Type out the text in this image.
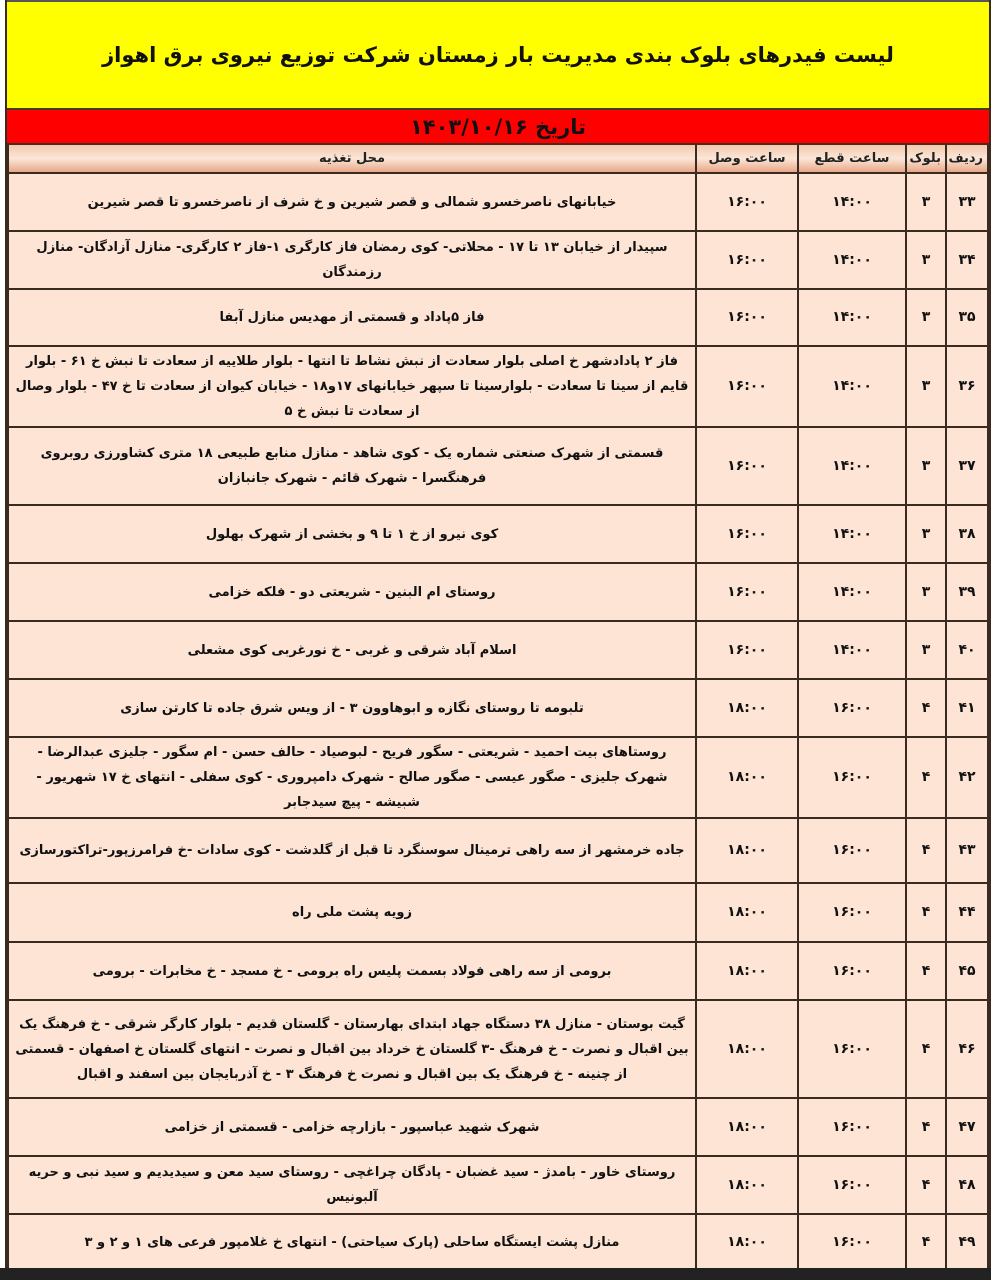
لیست فیدرهای بلوک بندی مدیریت بار زمستان شرکت توزیع نیروی برق اهواز
تاریخ ۱۴۰۳/۱۰/۱۶
ردیف	بلوک	ساعت قطع	ساعت وصل	محل تغذیه
۳۳	۳	۱۴:۰۰	۱۶:۰۰	خیابانهای ناصرخسرو شمالی و قصر شیرین و خ شرف از ناصرخسرو تا قصر شیرین
۳۴	۳	۱۴:۰۰	۱۶:۰۰	سپیدار از خیابان ۱۳ تا ۱۷ - محلاتی- کوی رمضان فاز کارگری ۱-فاز ۲ کارگری- منازل آزادگان- منازل رزمندگان
۳۵	۳	۱۴:۰۰	۱۶:۰۰	فاز ۵پاداد و قسمتی از مهدیس منازل آبفا
۳۶	۳	۱۴:۰۰	۱۶:۰۰	فاز ۲ پادادشهر خ اصلی بلوار سعادت از نبش نشاط تا انتها - بلوار طلاییه از سعادت تا نبش خ ۶۱ - بلوار قایم از سینا تا سعادت - بلوارسینا تا سپهر خیابانهای ۱۷و۱۸ - خیابان کیوان از سعادت تا خ ۴۷ - بلوار وصال از سعادت تا نبش خ ۵
۳۷	۳	۱۴:۰۰	۱۶:۰۰	قسمتی از شهرک صنعتی شماره یک - کوی شاهد - منازل منابع طبیعی ۱۸ متری کشاورزی روبروی فرهنگسرا - شهرک قائم - شهرک جانبازان
۳۸	۳	۱۴:۰۰	۱۶:۰۰	کوی نیرو از خ ۱ تا ۹ و بخشی از شهرک بهلول
۳۹	۳	۱۴:۰۰	۱۶:۰۰	روستای ام البنین - شریعتی دو - فلکه خزامی
۴۰	۳	۱۴:۰۰	۱۶:۰۰	اسلام آباد شرقی و غربی - خ نورغربی کوی مشعلی
۴۱	۴	۱۶:۰۰	۱۸:۰۰	تلبومه تا روستای نگازه و ابوهاوون ۳ - از ویس شرق جاده تا کارتن سازی
۴۲	۴	۱۶:۰۰	۱۸:۰۰	روستاهای بیت احمید - شریعتی - سگور فریح - لبوصیاد - حالف حسن - ام سگور - جلیزی عبدالرضا - شهرک جلیزی - صگور عیسی - صگور صالح - شهرک دامپروری - کوی سفلی - انتهای خ ۱۷ شهریور - شبیشه - پیچ سیدجابر
۴۳	۴	۱۶:۰۰	۱۸:۰۰	جاده خرمشهر از سه راهی ترمینال سوسنگرد تا قبل از گلدشت - کوی سادات -خ فرامرزپور-تراکتورسازی
۴۴	۴	۱۶:۰۰	۱۸:۰۰	زویه پشت ملی راه
۴۵	۴	۱۶:۰۰	۱۸:۰۰	برومی از سه راهی فولاد بسمت پلیس راه برومی - خ مسجد - خ مخابرات - برومی
۴۶	۴	۱۶:۰۰	۱۸:۰۰	گیت بوستان - منازل ۳۸ دستگاه جهاد ابتدای بهارستان - گلستان قدیم - بلوار کارگر شرقی - خ فرهنگ یک بین اقبال و نصرت - خ فرهنگ -۳ گلستان خ خرداد بین اقبال و نصرت - انتهای گلستان خ اصفهان - قسمتی از چنینه - خ فرهنگ یک بین اقبال و نصرت خ فرهنگ ۳ - خ آذربایجان بین اسفند و اقبال
۴۷	۴	۱۶:۰۰	۱۸:۰۰	شهرک شهید عباسپور - بازارچه خزامی - قسمتی از خزامی
۴۸	۴	۱۶:۰۰	۱۸:۰۰	روستای خاور - بامدژ - سید غضبان - پادگان چراغچی - روستای سید معن و سیدیدیم و سید نبی و حریه آلبونیس
۴۹	۴	۱۶:۰۰	۱۸:۰۰	منازل پشت ایستگاه ساحلی (پارک سیاحتی) - انتهای خ غلامپور فرعی های ۱ و ۲ و ۳
